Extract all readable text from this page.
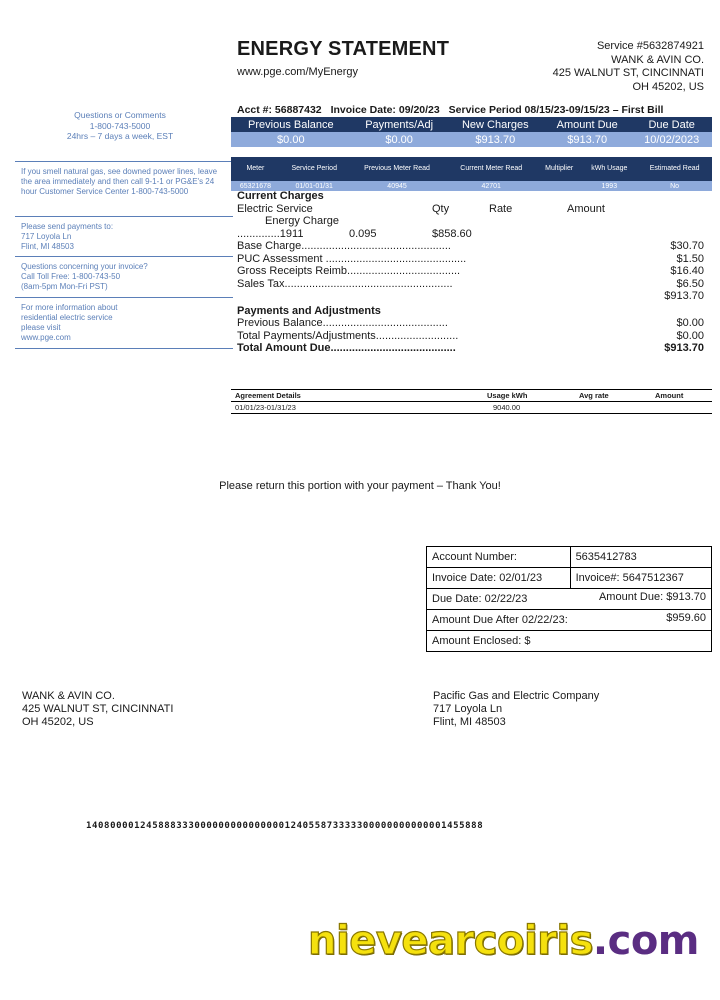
ENERGY STATEMENT
www.pge.com/MyEnergy
Service #5632874921
WANK & AVIN CO.
425 WALNUT ST, CINCINNATI
OH 45202, US
Questions or Comments
1-800-743-5000
24hrs – 7 days a week, EST
If you smell natural gas, see downed power lines, leave the area immediately and then call 9-1-1 or PG&E's 24 hour Customer Service Center 1-800-743-5000
Please send payments to:
717 Loyola Ln
Flint, MI 48503
Questions concerning your invoice?
Call Toll Free: 1-800-743-50
(8am-5pm Mon-Fri PST)
For more information about
residential electric service
please visit
www.pge.com
Acct #: 56887432 Invoice Date: 09/20/23 Service Period 08/15/23-09/15/23 – First Bill
Previous Balance	Payments/Adj	New Charges	Amount Due	Due Date
$0.00	$0.00	$913.70	$913.70	10/02/2023
Meter	Service Period	Previous Meter Read	Current Meter Read	Multiplier	kWh Usage	Estimated Read
65321678	01/01-01/31	40945	42701		1993	No
Current Charges
Electric Service	Qty	Rate	Amount
Energy Charge
..............1911	0.095	$858.60
Base Charge.................................................	$30.70
PUC Assessment ..............................................	$1.50
Gross Receipts Reimb.....................................	$16.40
Sales Tax.......................................................	$6.50
$913.70
Payments and Adjustments
Previous Balance.........................................	$0.00
Total Payments/Adjustments...........................	$0.00
Total Amount Due.........................................	$913.70
Agreement Details	Usage kWh	Avg rate	Amount
01/01/23-01/31/23	9040.00
Please return this portion with your payment – Thank You!
Account Number:	5635412783
Invoice Date: 02/01/23	Invoice#: 5647512367
Due Date: 02/22/23 Amount Due: $913.70	

Amount Due After 02/22/23: $959.60	

Amount Enclosed: $	
WANK & AVIN CO.
425 WALNUT ST, CINCINNATI
OH 45202, US
Pacific Gas and Electric Company
717 Loyola Ln
Flint, MI 48503
140800001245888333000000000000000124055873333300000000000001455888
nievearcoiris.com
